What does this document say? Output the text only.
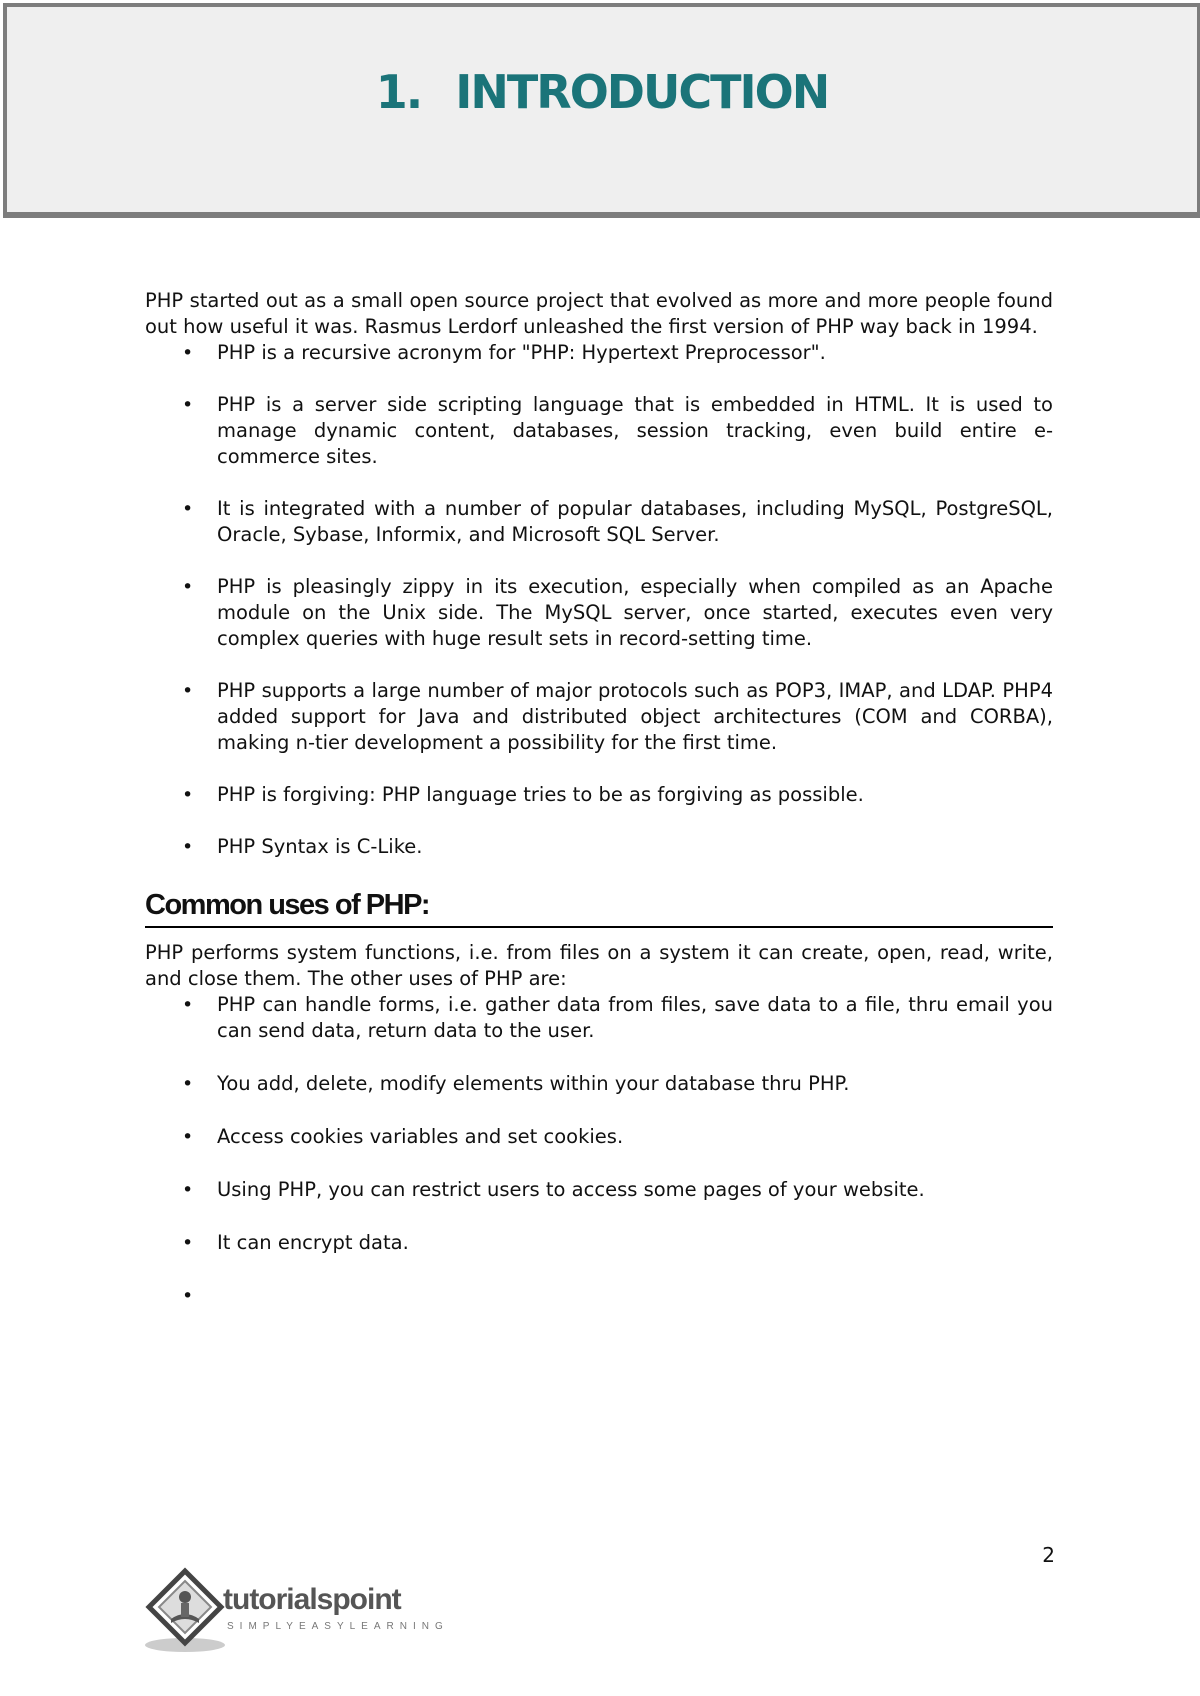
1. INTRODUCTION

PHP started out as a small open source project that evolved as more and more people found out how useful it was. Rasmus Lerdorf unleashed the first version of PHP way back in 1994.

• PHP is a recursive acronym for "PHP: Hypertext Preprocessor".
• PHP is a server side scripting language that is embedded in HTML. It is used to manage dynamic content, databases, session tracking, even build entire e-commerce sites.
• It is integrated with a number of popular databases, including MySQL, PostgreSQL, Oracle, Sybase, Informix, and Microsoft SQL Server.
• PHP is pleasingly zippy in its execution, especially when compiled as an Apache module on the Unix side. The MySQL server, once started, executes even very complex queries with huge result sets in record-setting time.
• PHP supports a large number of major protocols such as POP3, IMAP, and LDAP. PHP4 added support for Java and distributed object architectures (COM and CORBA), making n-tier development a possibility for the first time.
• PHP is forgiving: PHP language tries to be as forgiving as possible.
• PHP Syntax is C-Like.
Common uses of PHP:

PHP performs system functions, i.e. from files on a system it can create, open, read, write, and close them. The other uses of PHP are:

• PHP can handle forms, i.e. gather data from files, save data to a file, thru email you can send data, return data to the user.
• You add, delete, modify elements within your database thru PHP.
• Access cookies variables and set cookies.
• Using PHP, you can restrict users to access some pages of your website.
• It can encrypt data.
•
2
tutorialspoint
SIMPLYEASYLEARNING
